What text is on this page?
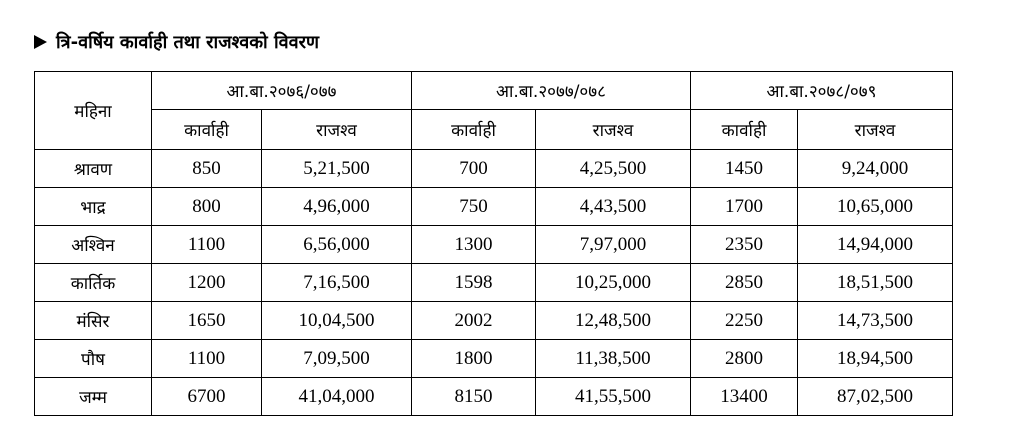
त्रि-वर्षिय कार्वाही तथा राजश्वको विवरण
महिना	आ.बा.२०७६/०७७		आ.बा.२०७७/०७८		आ.बा.२०७८/०७९	
	कार्वाही	राजश्व	कार्वाही	राजश्व	कार्वाही	राजश्व
श्रावण	850	5,21,500	700	4,25,500	1450	9,24,000
भाद्र	800	4,96,000	750	4,43,500	1700	10,65,000
अश्विन	1100	6,56,000	1300	7,97,000	2350	14,94,000
कार्तिक	1200	7,16,500	1598	10,25,000	2850	18,51,500
मंसिर	1650	10,04,500	2002	12,48,500	2250	14,73,500
पौष	1100	7,09,500	1800	11,38,500	2800	18,94,500
जम्म	6700	41,04,000	8150	41,55,500	13400	87,02,500
